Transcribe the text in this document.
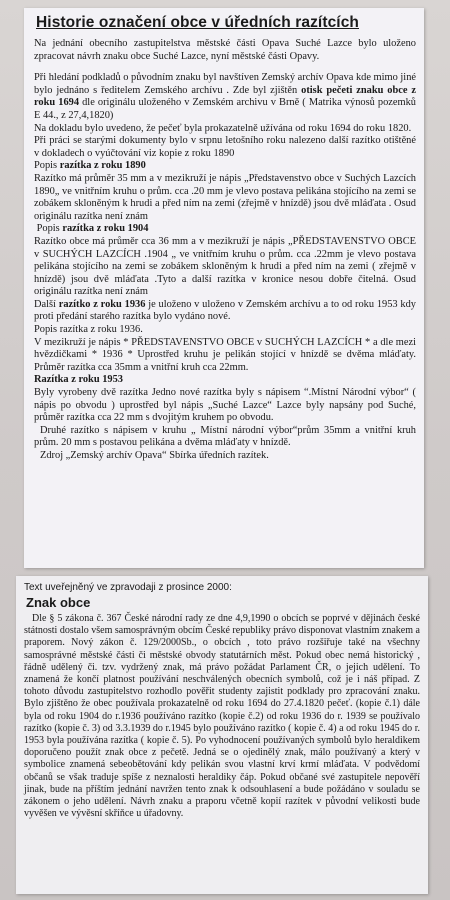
Historie označení obce v úředních razítcích

Na jednání obecního zastupitelstva městské části Opava Suché Lazce bylo uloženo zpracovat návrh znaku obce Suché Lazce, nyní městské části Opavy.

Při hledání podkladů o původním znaku byl navštíven Zemský archív Opava kde mimo jiné bylo jednáno s ředitelem Zemského archívu . Zde byl zjištěn otisk pečeti znaku obce z roku 1694 dle originálu uloženého v Zemském archivu v Brně ( Matrika výnosů pozemků E 44., z 27,4,1820)

Na dokladu bylo uvedeno, že pečeť byla prokazatelně užívána od roku 1694 do roku 1820.

Při práci se starými dokumenty bylo v srpnu letošního roku nalezeno další razítko otištěné v dokladech o vyúčtování viz kopie z roku 1890

Popis razítka z roku 1890

Razítko má průměr 35 mm a v mezikruží je nápis „Představenstvo obce v Suchých Lazcích 1890„ ve vnitřním kruhu o prům. cca .20 mm je vlevo postava pelikána stojícího na zemi se zobákem skloněným k hrudi a před ním na zemi (zřejmě v hnízdě) jsou dvě mláďata . Osud originálu razítka není znám

Popis razítka z roku 1904

Razítko obce má průměr cca 36 mm a v mezikruží je nápis „PŘEDSTAVENSTVO OBCE v SUCHÝCH LAZCÍCH .1904 „ ve vnitřním kruhu o prům. cca .22mm je vlevo postava pelikána stojícího na zemi se zobákem skloněným k hrudi a před ním na zemi ( zřejmě v hnízdě) jsou dvě mláďata .Tyto a další razítka v kronice nesou dobře čitelná. Osud originálu razítka není znám

Další razítko z roku 1936 je uloženo v uloženo v Zemském archívu a to od roku 1953 kdy proti předání starého razítka bylo vydáno nové.

Popis razítka z roku 1936.

V mezikruží je nápis * PŘEDSTAVENSTVO OBCE v SUCHÝCH LAZCÍCH * a dle mezi hvězdičkami * 1936 * Uprostřed kruhu je pelikán stojící v hnízdě se dvěma mláďaty. Průměr razítka cca 35mm a vnitřní kruh cca 22mm.

Razítka z roku 1953

Byly vyrobeny dvě razítka Jedno nové razítka byly s nápisem “.Místní Národní výbor“ ( nápis po obvodu ) uprostřed byl nápis „Suché Lazce“ Lazce byly napsány pod Suché, průměr razítka cca 22 mm s dvojitým kruhem po obvodu.

Druhé razítko s nápisem v kruhu „ Místní národní výbor“prům 35mm a vnitřní kruh prům. 20 mm s postavou pelikána a dvěma mláďaty v hnízdě.

Zdroj „Zemský archív Opava“ Sbírka úředních razítek.

Text uveřejněný ve zpravodaji z prosince 2000:

Znak obce

Dle § 5 zákona č. 367 České národní rady ze dne 4,9,1990 o obcích se poprvé v dějinách české státnosti dostalo všem samosprávným obcím České republiky právo disponovat vlastním znakem a praporem. Nový zákon č. 129/2000Sb., o obcích , toto právo rozšiřuje také na všechny samosprávné městské části či městské obvody statutárních měst. Pokud obec nemá historický , řádně udělený či. tzv. vydržený znak, má právo požádat Parlament ČR, o jejich udělení. To znamená že končí platnost používání neschválených obecních symbolů, což je i náš případ. Z tohoto důvodu zastupitelstvo rozhodlo pověřit studenty zajistit podklady pro zpracování znaku. Bylo zjištěno že obec používala prokazatelně od roku 1694 do 27.4.1820 pečeť. (kopie č.1) dále byla od roku 1904 do r.1936 používáno razítko (kopie č.2) od roku 1936 do r. 1939 se používalo razítko (kopie č. 3) od 3.3.1939 do r.1945 bylo používáno razítko ( kopie č. 4) a od roku 1945 do r. 1953 byla používána razítka ( kopie č. 5). Po vyhodnocení používaných symbolů bylo heraldikem doporučeno použít znak obce z pečetě. Jedná se o ojedinělý znak, málo používaný a který v symbolice znamená sebeobětování kdy pelikán svou vlastní krví krmí mláďata. V podvědomí občanů se však traduje spíše z neznalosti heraldiky čáp. Pokud občané své zastupitele nepověří jinak, bude na příštím jednání navržen tento znak k odsouhlasení a bude požádáno v souladu se zákonem o jeho udělení. Návrh znaku a praporu včetně kopií razítek v původní velikosti bude vyvěšen ve vývěsní skříňce u úřadovny.
